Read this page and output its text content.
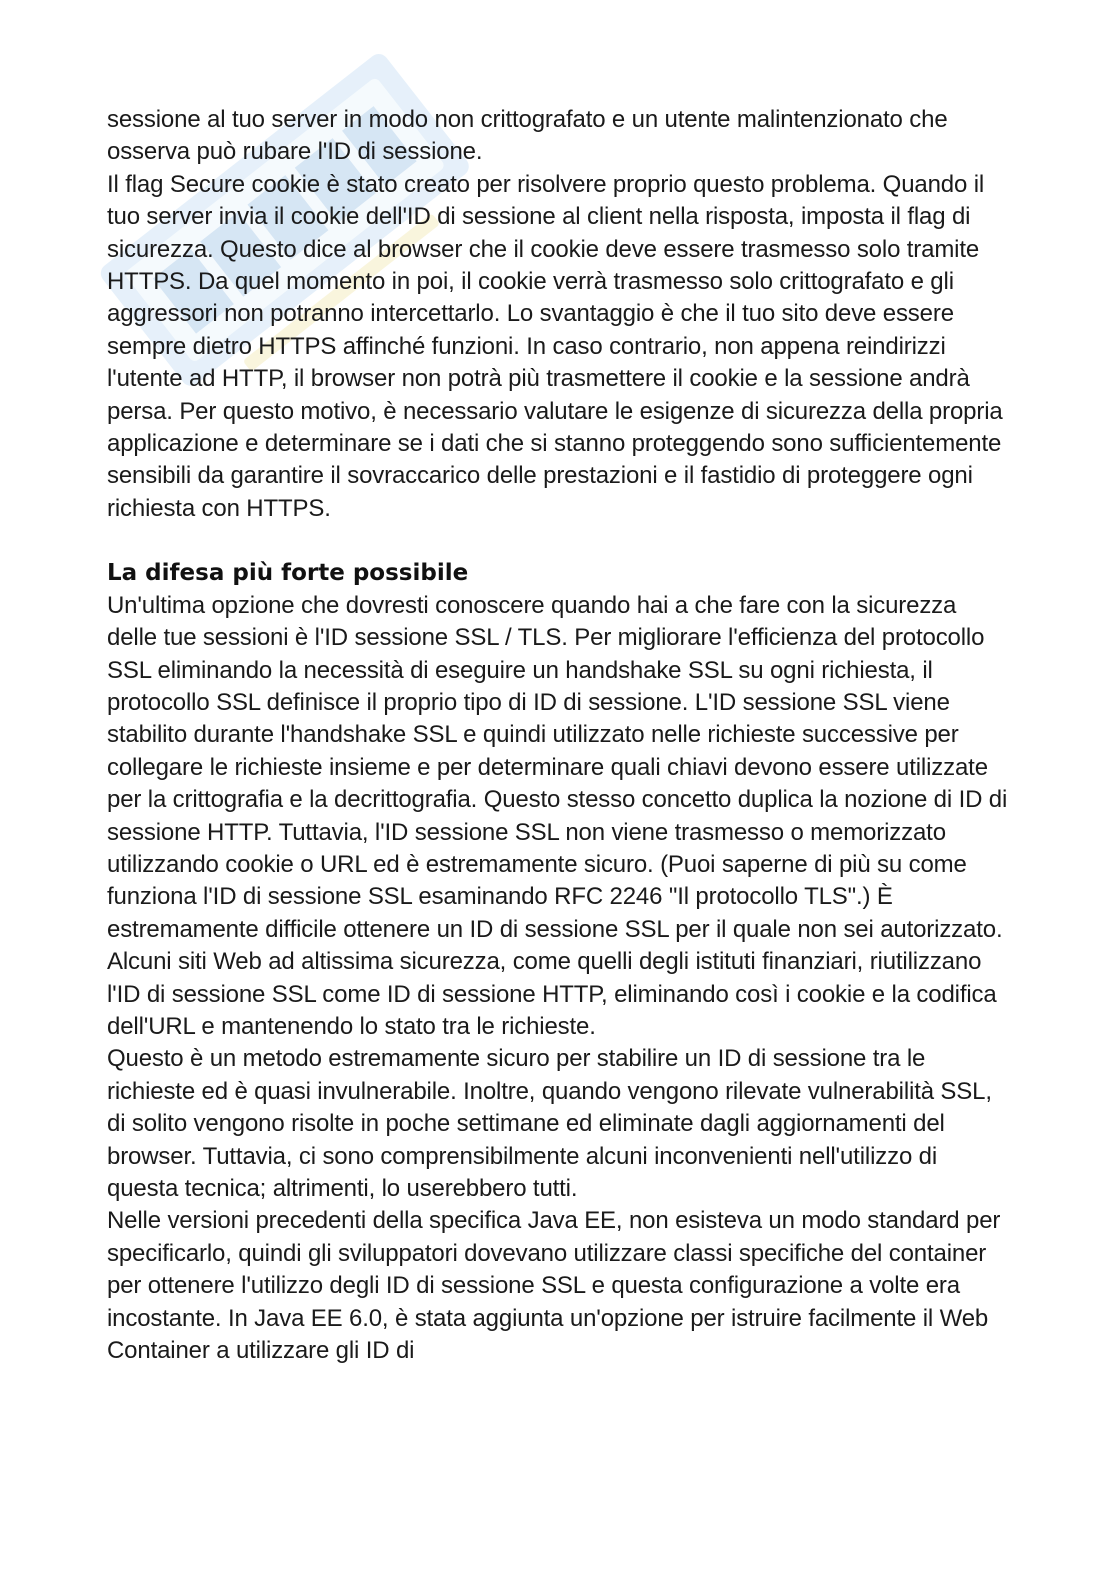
sessione al tuo server in modo non crittografato e un utente malintenzionato che osserva può rubare l'ID di sessione.

Il flag Secure cookie è stato creato per risolvere proprio questo problema. Quando il tuo server invia il cookie dell'ID di sessione al client nella risposta, imposta il flag di sicurezza. Questo dice al browser che il cookie deve essere trasmesso solo tramite HTTPS. Da quel momento in poi, il cookie verrà trasmesso solo crittografato e gli aggressori non potranno intercettarlo. Lo svantaggio è che il tuo sito deve essere sempre dietro HTTPS affinché funzioni. In caso contrario, non appena reindirizzi l'utente ad HTTP, il browser non potrà più trasmettere il cookie e la sessione andrà persa. Per questo motivo, è necessario valutare le esigenze di sicurezza della propria applicazione e determinare se i dati che si stanno proteggendo sono sufficientemente sensibili da garantire il sovraccarico delle prestazioni e il fastidio di proteggere ogni richiesta con HTTPS.

La difesa più forte possibile

Un'ultima opzione che dovresti conoscere quando hai a che fare con la sicurezza delle tue sessioni è l'ID sessione SSL / TLS. Per migliorare l'efficienza del protocollo SSL eliminando la necessità di eseguire un handshake SSL su ogni richiesta, il protocollo SSL definisce il proprio tipo di ID di sessione. L'ID sessione SSL viene stabilito durante l'handshake SSL e quindi utilizzato nelle richieste successive per collegare le richieste insieme e per determinare quali chiavi devono essere utilizzate per la crittografia e la decrittografia. Questo stesso concetto duplica la nozione di ID di sessione HTTP. Tuttavia, l'ID sessione SSL non viene trasmesso o memorizzato utilizzando cookie o URL ed è estremamente sicuro. (Puoi saperne di più su come funziona l'ID di sessione SSL esaminando RFC 2246 "Il protocollo TLS".) È estremamente difficile ottenere un ID di sessione SSL per il quale non sei autorizzato. Alcuni siti Web ad altissima sicurezza, come quelli degli istituti finanziari, riutilizzano l'ID di sessione SSL come ID di sessione HTTP, eliminando così i cookie e la codifica dell'URL e mantenendo lo stato tra le richieste.

Questo è un metodo estremamente sicuro per stabilire un ID di sessione tra le richieste ed è quasi invulnerabile. Inoltre, quando vengono rilevate vulnerabilità SSL, di solito vengono risolte in poche settimane ed eliminate dagli aggiornamenti del browser. Tuttavia, ci sono comprensibilmente alcuni inconvenienti nell'utilizzo di questa tecnica; altrimenti, lo userebbero tutti.

Nelle versioni precedenti della specifica Java EE, non esisteva un modo standard per specificarlo, quindi gli sviluppatori dovevano utilizzare classi specifiche del container per ottenere l'utilizzo degli ID di sessione SSL e questa configurazione a volte era incostante. In Java EE 6.0, è stata aggiunta un'opzione per istruire facilmente il Web Container a utilizzare gli ID di
